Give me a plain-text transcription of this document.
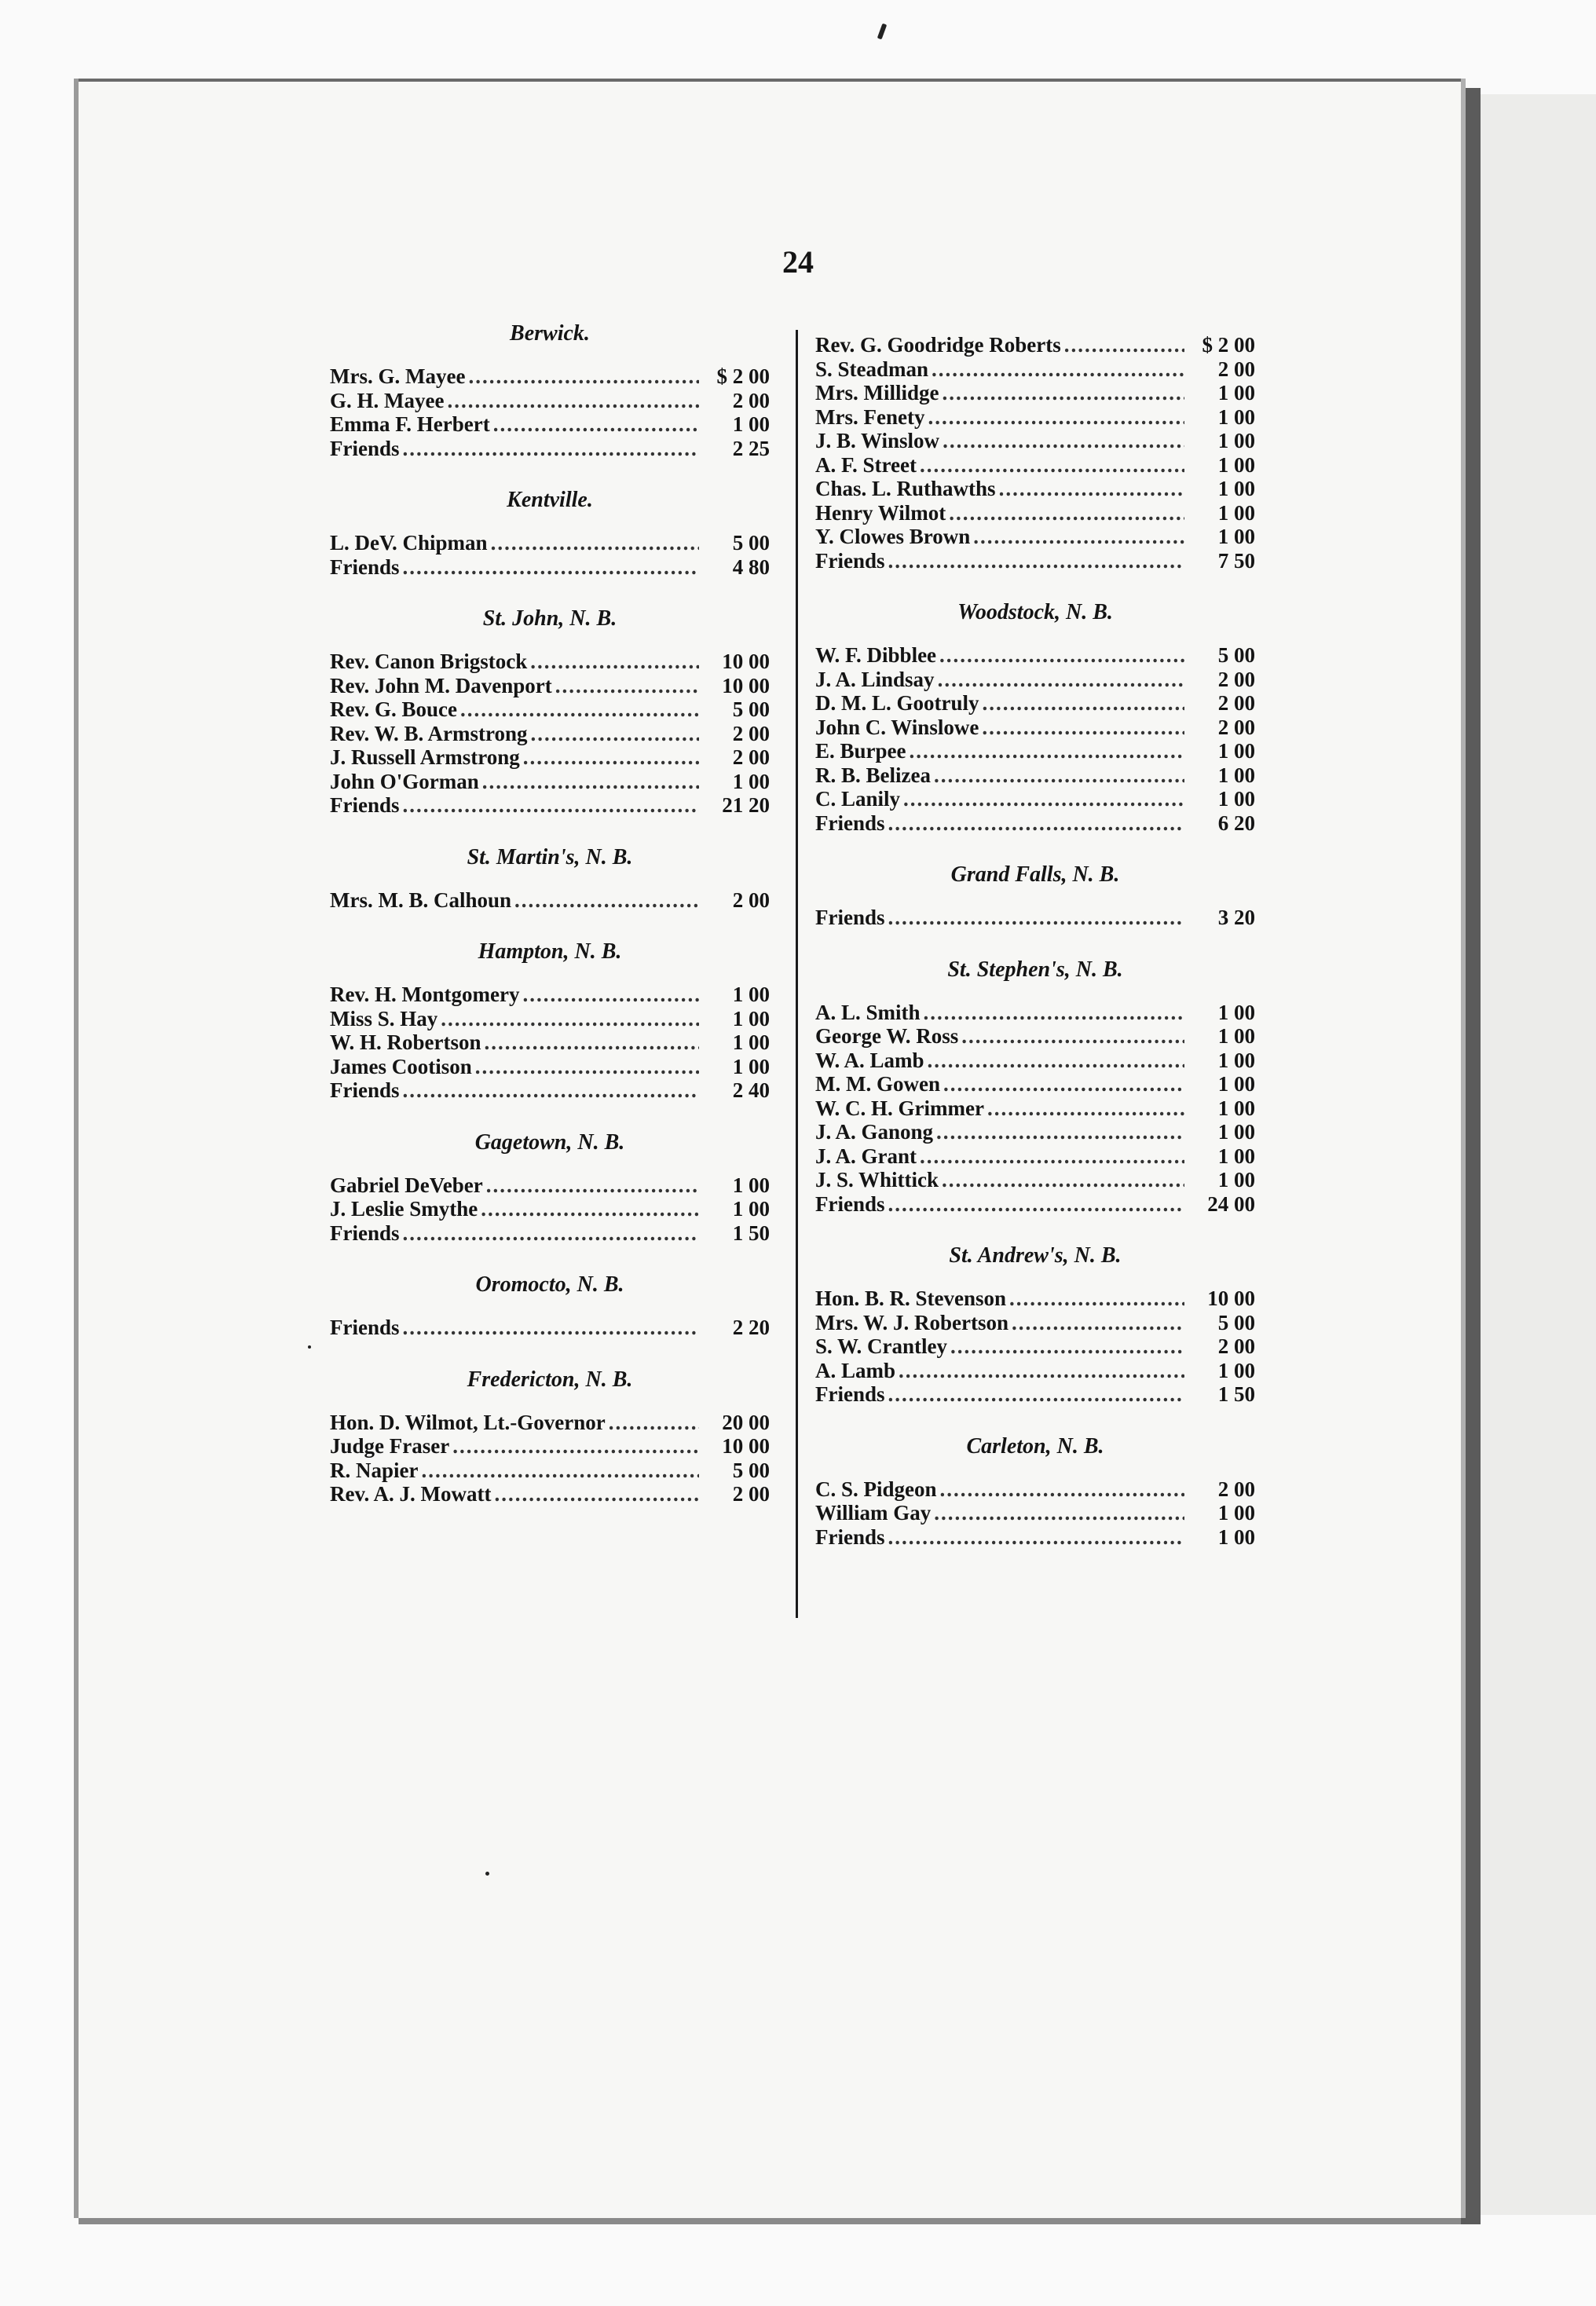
24
Berwick.
Mrs. G. Mayee .....	$ 2 00
G. H. Mayee .....	2 00
Emma F. Herbert .....	1 00
Friends .....	2 25
Kentville.
L. DeV. Chipman .....	5 00
Friends .....	4 80
St. John, N. B.
Rev. Canon Brigstock .....	10 00
Rev. John M. Davenport .....	10 00
Rev. G. Bouce .....	5 00
Rev. W. B. Armstrong .....	2 00
J. Russell Armstrong .....	2 00
John O'Gorman .....	1 00
Friends .....	21 20
St. Martin's, N. B.
Mrs. M. B. Calhoun .....	2 00
Hampton, N. B.
Rev. H. Montgomery .....	1 00
Miss S. Hay .....	1 00
W. H. Robertson .....	1 00
James Cootison .....	1 00
Friends .....	2 40
Gagetown, N. B.
Gabriel DeVeber .....	1 00
J. Leslie Smythe .....	1 00
Friends .....	1 50
Oromocto, N. B.
Friends .....	2 20
Fredericton, N. B.
Hon. D. Wilmot, Lt.-Governor .....	20 00
Judge Fraser .....	10 00
R. Napier .....	5 00
Rev. A. J. Mowatt .....	2 00
Rev. G. Goodridge Roberts .....	$ 2 00
S. Steadman .....	2 00
Mrs. Millidge .....	1 00
Mrs. Fenety .....	1 00
J. B. Winslow .....	1 00
A. F. Street .....	1 00
Chas. L. Ruthawths .....	1 00
Henry Wilmot .....	1 00
Y. Clowes Brown .....	1 00
Friends .....	7 50
Woodstock, N. B.
W. F. Dibblee .....	5 00
J. A. Lindsay .....	2 00
D. M. L. Gootruly .....	2 00
John C. Winslowe .....	2 00
E. Burpee .....	1 00
R. B. Belizea .....	1 00
C. Lanily .....	1 00
Friends .....	6 20
Grand Falls, N. B.
Friends .....	3 20
St. Stephen's, N. B.
A. L. Smith .....	1 00
George W. Ross .....	1 00
W. A. Lamb .....	1 00
M. M. Gowen .....	1 00
W. C. H. Grimmer .....	1 00
J. A. Ganong .....	1 00
J. A. Grant .....	1 00
J. S. Whittick .....	1 00
Friends .....	24 00
St. Andrew's, N. B.
Hon. B. R. Stevenson .....	10 00
Mrs. W. J. Robertson .....	5 00
S. W. Crantley .....	2 00
A. Lamb .....	1 00
Friends .....	1 50
Carleton, N. B.
C. S. Pidgeon .....	2 00
William Gay .....	1 00
Friends .....	1 00
